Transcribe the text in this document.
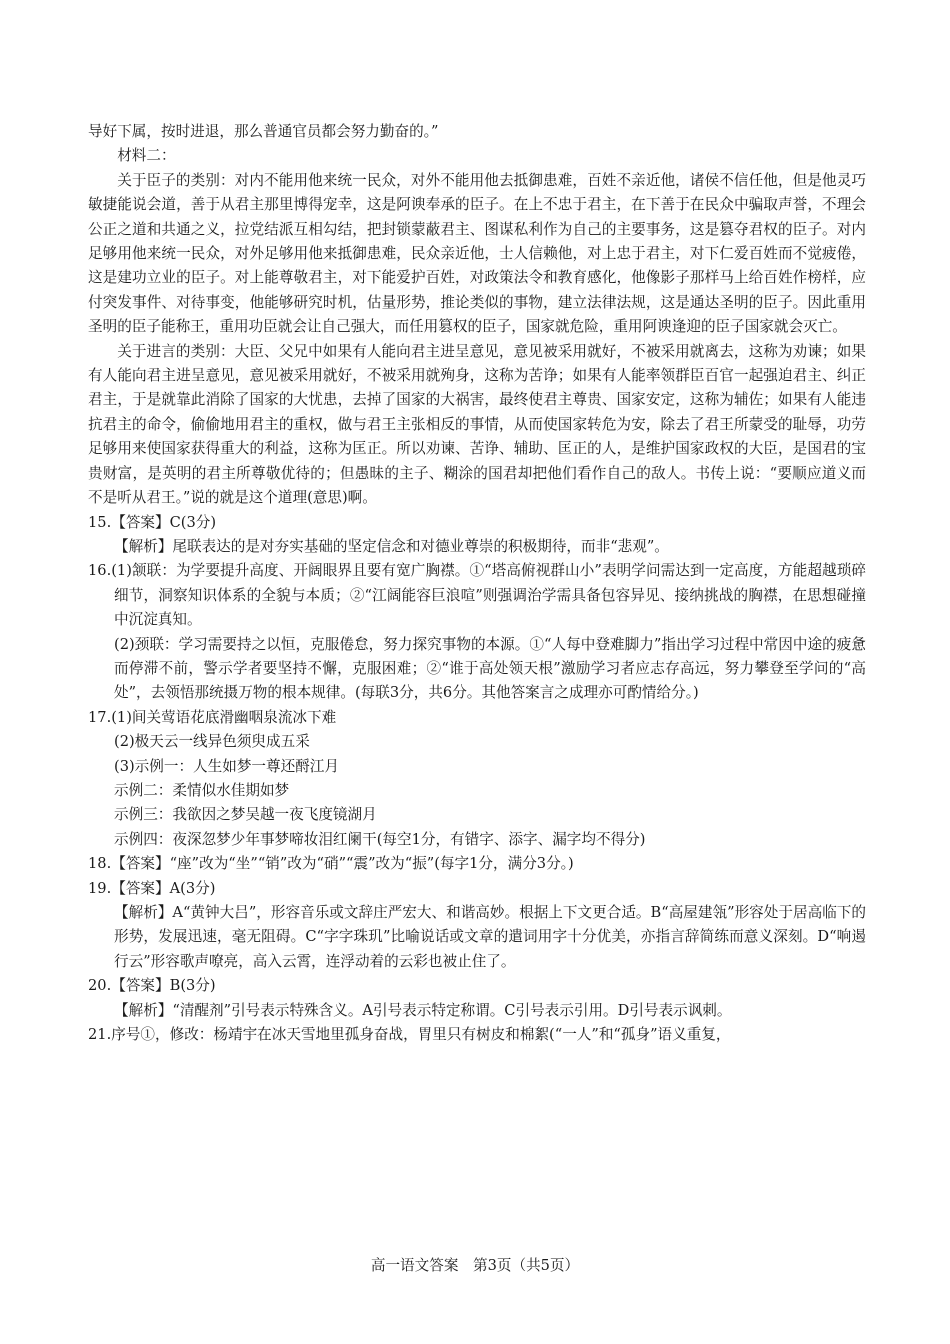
导好下属，按时进退，那么普通官员都会努力勤奋的。”

材料二：

关于臣子的类别：对内不能用他来统一民众，对外不能用他去抵御患难，百姓不亲近他，诸侯不信任他，但是他灵巧敏捷能说会道，善于从君主那里博得宠幸，这是阿谀奉承的臣子。在上不忠于君主，在下善于在民众中骗取声誉，不理会公正之道和共通之义，拉党结派互相勾结，把封锁蒙蔽君主、图谋私利作为自己的主要事务，这是篡夺君权的臣子。对内足够用他来统一民众，对外足够用他来抵御患难，民众亲近他，士人信赖他，对上忠于君主，对下仁爱百姓而不觉疲倦，这是建功立业的臣子。对上能尊敬君主，对下能爱护百姓，对政策法令和教育感化，他像影子那样马上给百姓作榜样，应付突发事件、对待事变，他能够研究时机，估量形势，推论类似的事物，建立法律法规，这是通达圣明的臣子。因此重用圣明的臣子能称王，重用功臣就会让自己强大，而任用篡权的臣子，国家就危险，重用阿谀逢迎的臣子国家就会灭亡。

关于进言的类别：大臣、父兄中如果有人能向君主进呈意见，意见被采用就好，不被采用就离去，这称为劝谏；如果有人能向君主进呈意见，意见被采用就好，不被采用就殉身，这称为苦诤；如果有人能率领群臣百官一起强迫君主、纠正君主，于是就靠此消除了国家的大忧患，去掉了国家的大祸害，最终使君主尊贵、国家安定，这称为辅佐；如果有人能违抗君主的命令，偷偷地用君主的重权，做与君王主张相反的事情，从而使国家转危为安，除去了君王所蒙受的耻辱，功劳足够用来使国家获得重大的利益，这称为匡正。所以劝谏、苦诤、辅助、匡正的人，是维护国家政权的大臣，是国君的宝贵财富，是英明的君主所尊敬优待的；但愚昧的主子、糊涂的国君却把他们看作自己的敌人。书传上说：“要顺应道义而不是听从君王。”说的就是这个道理(意思)啊。

15.【答案】C(3分)

【解析】尾联表达的是对夯实基础的坚定信念和对德业尊崇的积极期待，而非“悲观”。

16.(1)颔联：为学要提升高度、开阔眼界且要有宽广胸襟。①“塔高俯视群山小”表明学问需达到一定高度，方能超越琐碎细节，洞察知识体系的全貌与本质；②“江阔能容巨浪喧”则强调治学需具备包容异见、接纳挑战的胸襟，在思想碰撞中沉淀真知。

(2)颈联：学习需要持之以恒，克服倦怠，努力探究事物的本源。①“人每中登难脚力”指出学习过程中常因中途的疲惫而停滞不前，警示学者要坚持不懈，克服困难；②“谁于高处领天根”激励学习者应志存高远，努力攀登至学问的“高处”，去领悟那统摄万物的根本规律。(每联3分，共6分。其他答案言之成理亦可酌情给分。)

17.(1)间关莺语花底滑幽咽泉流冰下难

(2)极天云一线异色须臾成五采

(3)示例一：人生如梦一尊还酹江月

示例二：柔情似水佳期如梦

示例三：我欲因之梦吴越一夜飞度镜湖月

示例四：夜深忽梦少年事梦啼妆泪红阑干(每空1分，有错字、添字、漏字均不得分)

18.【答案】“座”改为“坐”“销”改为“硝”“震”改为“振”(每字1分，满分3分。)

19.【答案】A(3分)

【解析】A“黄钟大吕”，形容音乐或文辞庄严宏大、和谐高妙。根据上下文更合适。B“高屋建瓴”形容处于居高临下的形势，发展迅速，毫无阻碍。C“字字珠玑”比喻说话或文章的遣词用字十分优美，亦指言辞简练而意义深刻。D“响遏行云”形容歌声嘹亮，高入云霄，连浮动着的云彩也被止住了。

20.【答案】B(3分)

【解析】“清醒剂”引号表示特殊含义。A引号表示特定称谓。C引号表示引用。D引号表示讽刺。

21.序号①，修改：杨靖宇在冰天雪地里孤身奋战，胃里只有树皮和棉絮(“一人”和“孤身”语义重复，

高一语文答案　第3页（共5页）
